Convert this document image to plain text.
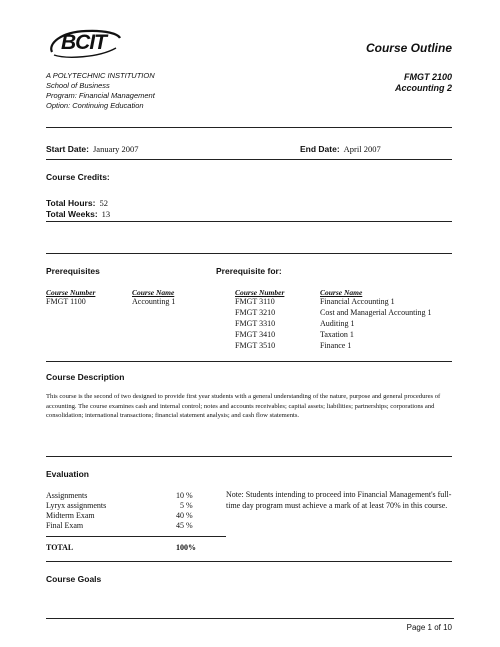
BCIT	Course Outline
A POLYTECHNIC INSTITUTION
School of Business
Program: Financial Management
Option: Continuing Education
FMGT 2100
Accounting 2
Start Date: January 2007	End Date: April 2007
Course Credits:
Total Hours: 52
Total Weeks: 13
Prerequisites	Prerequisite for:
Course Number	Course Name
FMGT 1100	Accounting 1
Course Number	Course Name
FMGT 3110	Financial Accounting 1
FMGT 3210	Cost and Managerial Accounting 1
FMGT 3310	Auditing 1
FMGT 3410	Taxation 1
FMGT 3510	Finance 1
Course Description
This course is the second of two designed to provide first year students with a general understanding of the nature, purpose and general procedures of accounting. The course examines cash and internal control; notes and accounts receivables; capital assets; liabilities; partnerships; corporations and consolidation; international transactions; financial statement analysis; and cash flow statements.
Evaluation
Assignments	10 %
Lyryx assignments	5 %
Midterm Exam	40 %
Final Exam	45 %
TOTAL	100%
Note: Students intending to proceed into Financial Management's full-time day program must achieve a mark of at least 70% in this course.
Course Goals
Page 1 of 10
